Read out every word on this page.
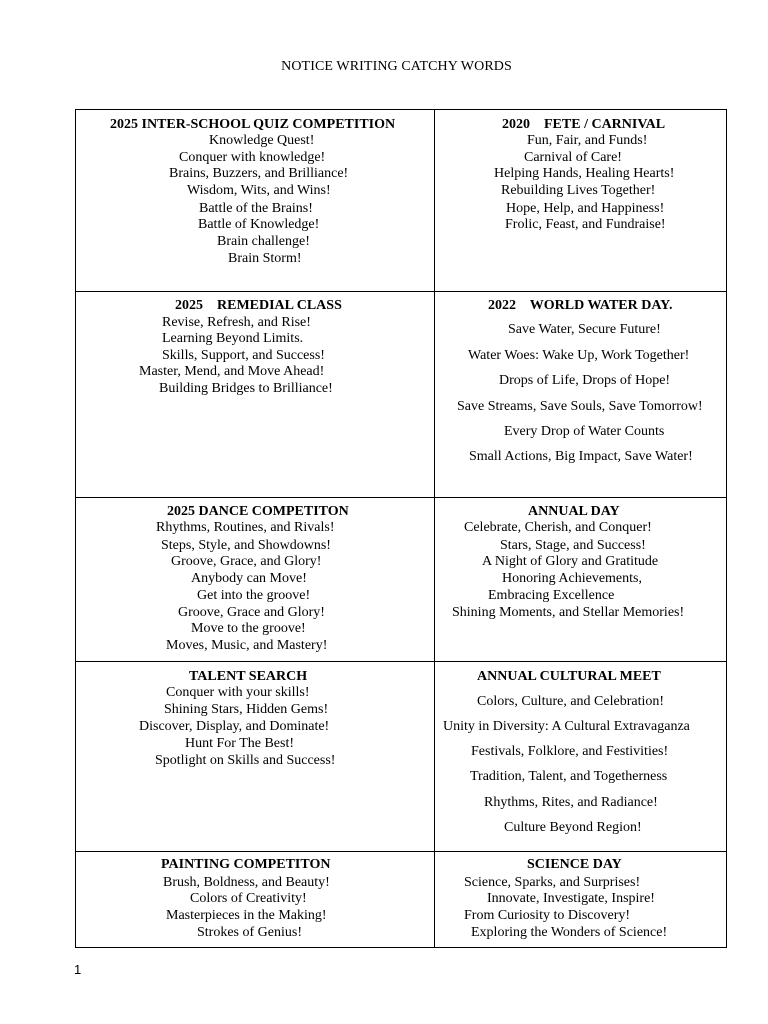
NOTICE WRITING CATCHY WORDS
2025 INTER-SCHOOL QUIZ COMPETITION
Knowledge Quest!
Conquer with knowledge!
Brains, Buzzers, and Brilliance!
Wisdom, Wits, and Wins!
Battle of the Brains!
Battle of Knowledge!
Brain challenge!
Brain Storm!
2020    FETE / CARNIVAL
Fun, Fair, and Funds!
Carnival of Care!
Helping Hands, Healing Hearts!
Rebuilding Lives Together!
Hope, Help, and Happiness!
Frolic, Feast, and Fundraise!
2025    REMEDIAL CLASS
Revise, Refresh, and Rise!
Learning Beyond Limits.
Skills, Support, and Success!
Master, Mend, and Move Ahead!
Building Bridges to Brilliance!
2022    WORLD WATER DAY.
Save Water, Secure Future!
Water Woes: Wake Up, Work Together!
Drops of Life, Drops of Hope!
Save Streams, Save Souls, Save Tomorrow!
Every Drop of Water Counts
Small Actions, Big Impact, Save Water!
2025 DANCE COMPETITON
Rhythms, Routines, and Rivals!
Steps, Style, and Showdowns!
Groove, Grace, and Glory!
Anybody can Move!
Get into the groove!
Groove, Grace and Glory!
Move to the groove!
Moves, Music, and Mastery!
ANNUAL DAY
Celebrate, Cherish, and Conquer!
Stars, Stage, and Success!
A Night of Glory and Gratitude
Honoring Achievements,
Embracing Excellence
Shining Moments, and Stellar Memories!
TALENT SEARCH
Conquer with your skills!
Shining Stars, Hidden Gems!
Discover, Display, and Dominate!
Hunt For The Best!
Spotlight on Skills and Success!
ANNUAL CULTURAL MEET
Colors, Culture, and Celebration!
Unity in Diversity: A Cultural Extravaganza
Festivals, Folklore, and Festivities!
Tradition, Talent, and Togetherness
Rhythms, Rites, and Radiance!
Culture Beyond Region!
PAINTING COMPETITON
Brush, Boldness, and Beauty!
Colors of Creativity!
Masterpieces in the Making!
Strokes of Genius!
SCIENCE DAY
Science, Sparks, and Surprises!
Innovate, Investigate, Inspire!
From Curiosity to Discovery!
Exploring the Wonders of Science!
1
